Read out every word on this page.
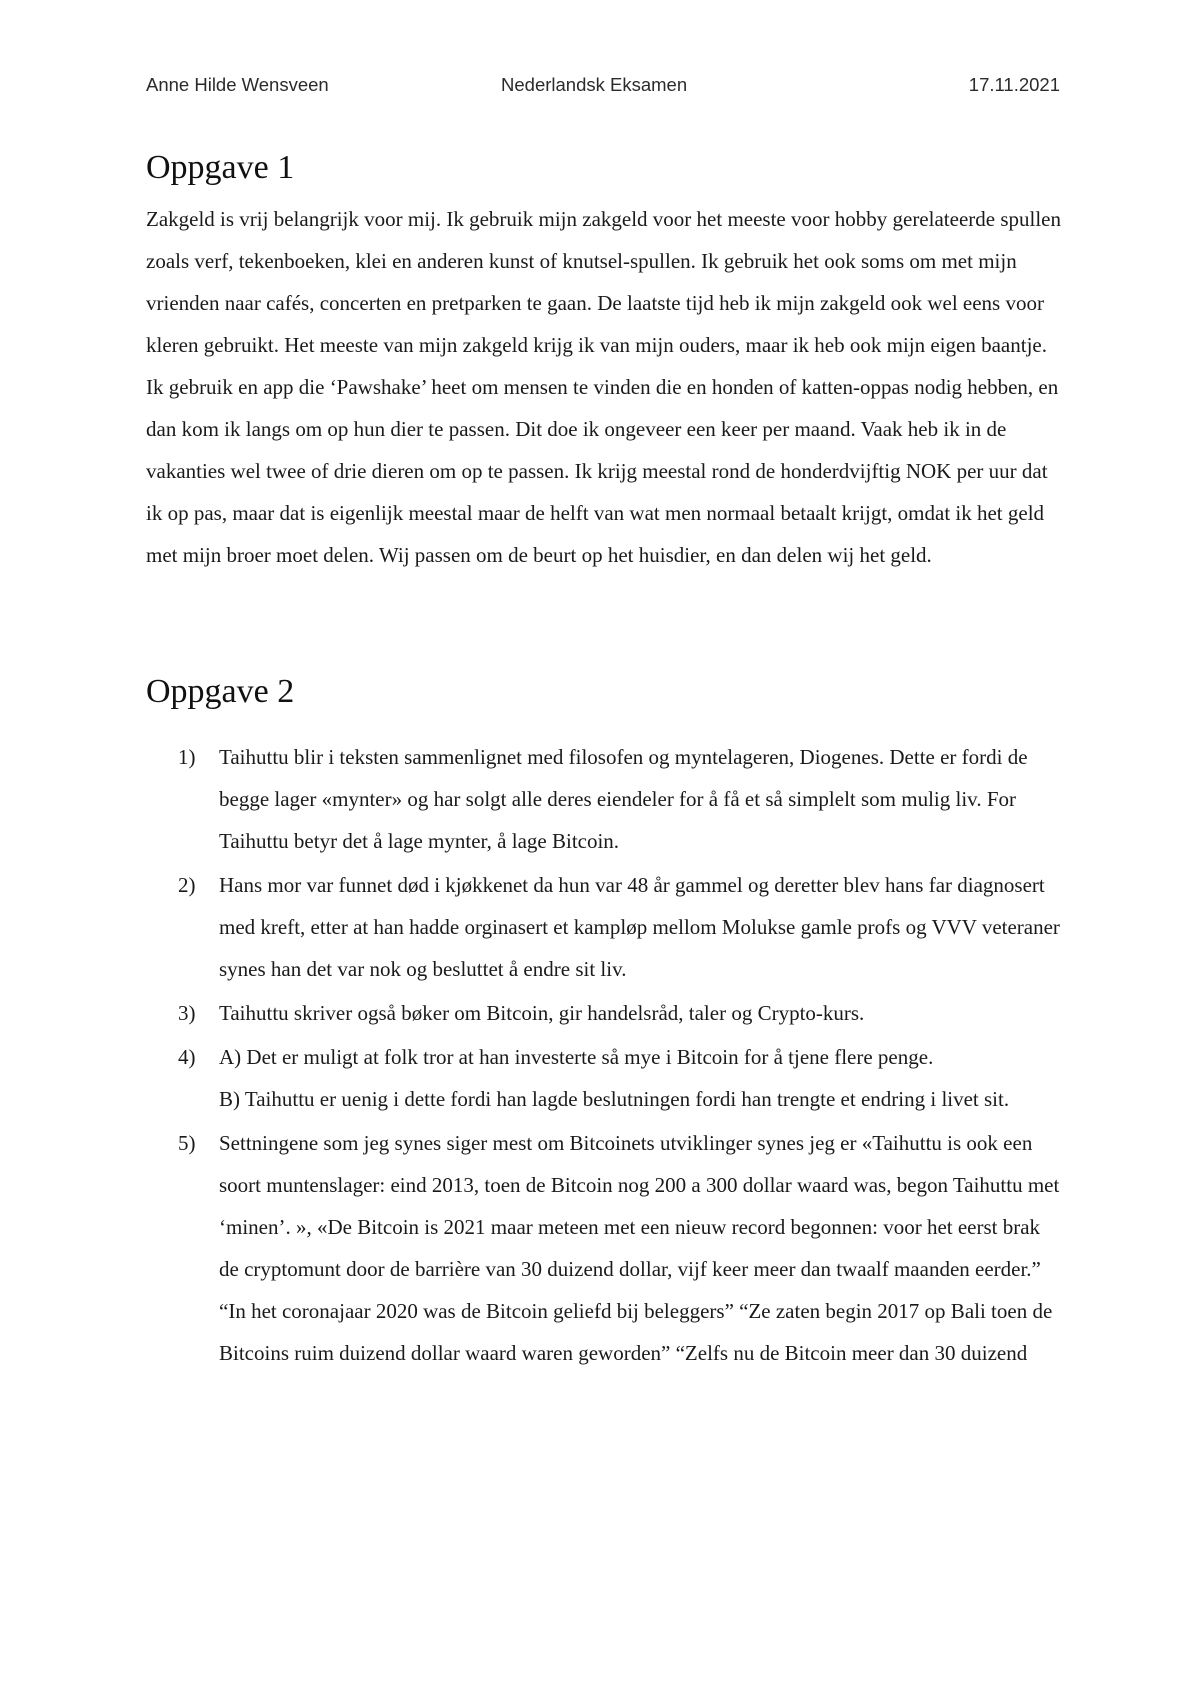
Anne Hilde Wensveen	Nederlandsk Eksamen	17.11.2021
Oppgave 1

Zakgeld is vrij belangrijk voor mij. Ik gebruik mijn zakgeld voor het meeste voor hobby gerelateerde spullen zoals verf, tekenboeken, klei en anderen kunst of knutsel-spullen. Ik gebruik het ook soms om met mijn vrienden naar cafés, concerten en pretparken te gaan. De laatste tijd heb ik mijn zakgeld ook wel eens voor kleren gebruikt. Het meeste van mijn zakgeld krijg ik van mijn ouders, maar ik heb ook mijn eigen baantje. Ik gebruik en app die ‘Pawshake’ heet om mensen te vinden die en honden of katten-oppas nodig hebben, en dan kom ik langs om op hun dier te passen. Dit doe ik ongeveer een keer per maand. Vaak heb ik in de vakanties wel twee of drie dieren om op te passen. Ik krijg meestal rond de honderdvijftig NOK per uur dat ik op pas, maar dat is eigenlijk meestal maar de helft van wat men normaal betaalt krijgt, omdat ik het geld met mijn broer moet delen. Wij passen om de beurt op het huisdier, en dan delen wij het geld.

Oppgave 2
1) Taihuttu blir i teksten sammenlignet med filosofen og myntelageren, Diogenes. Dette er fordi de begge lager «mynter» og har solgt alle deres eiendeler for å få et så simplelt som mulig liv. For Taihuttu betyr det å lage mynter, å lage Bitcoin.
2) Hans mor var funnet død i kjøkkenet da hun var 48 år gammel og deretter blev hans far diagnosert med kreft, etter at han hadde orginasert et kampløp mellom Molukse gamle profs og VVV veteraner synes han det var nok og besluttet å endre sit liv.
3) Taihuttu skriver også bøker om Bitcoin, gir handelsråd, taler og Crypto-kurs.
4) A) Det er muligt at folk tror at han investerte så mye i Bitcoin for å tjene flere penge.
B) Taihuttu er uenig i dette fordi han lagde beslutningen fordi han trengte et endring i livet sit.
5) Settningene som jeg synes siger mest om Bitcoinets utviklinger synes jeg er «Taihuttu is ook een soort muntenslager: eind 2013, toen de Bitcoin nog 200 a 300 dollar waard was, begon Taihuttu met ‘minen’. », «De Bitcoin is 2021 maar meteen met een nieuw record begonnen: voor het eerst brak de cryptomunt door de barrière van 30 duizend dollar, vijf keer meer dan twaalf maanden eerder.” “In het coronajaar 2020 was de Bitcoin geliefd bij beleggers” “Ze zaten begin 2017 op Bali toen de Bitcoins ruim duizend dollar waard waren geworden” “Zelfs nu de Bitcoin meer dan 30 duizend
